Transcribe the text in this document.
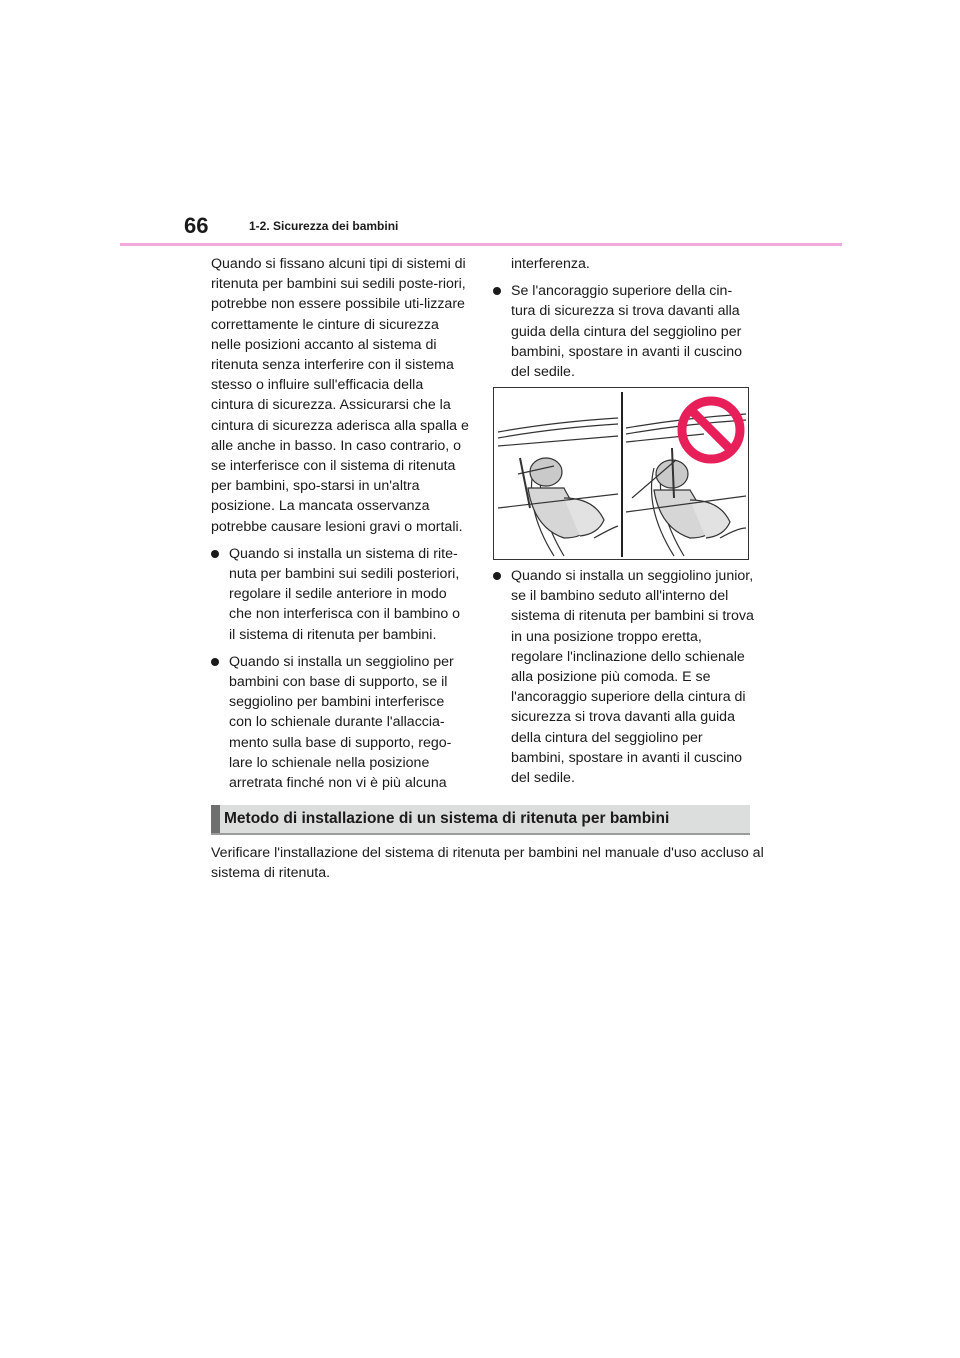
66	1-2. Sicurezza dei bambini

Quando si fissano alcuni tipi di sistemi di ritenuta per bambini sui sedili poste-riori, potrebbe non essere possibile uti-lizzare correttamente le cinture di sicurezza nelle posizioni accanto al sistema di ritenuta senza interferire con il sistema stesso o influire sull'efficacia della cintura di sicurezza. Assicurarsi che la cintura di sicurezza aderisca alla spalla e alle anche in basso. In caso contrario, o se interferisce con il sistema di ritenuta per bambini, spo-starsi in un'altra posizione. La mancata osservanza potrebbe causare lesioni gravi o mortali.

Quando si installa un sistema di rite-nuta per bambini sui sedili posteriori, regolare il sedile anteriore in modo che non interferisca con il bambino o il sistema di ritenuta per bambini.
Quando si installa un seggiolino per bambini con base di supporto, se il seggiolino per bambini interferisce con lo schienale durante l'allaccia-mento sulla base di supporto, rego-lare lo schienale nella posizione arretrata finché non vi è più alcuna

interferenza.

Se l'ancoraggio superiore della cin-tura di sicurezza si trova davanti alla guida della cintura del seggiolino per bambini, spostare in avanti il cuscino del sedile.
Quando si installa un seggiolino junior, se il bambino seduto all'interno del sistema di ritenuta per bambini si trova in una posizione troppo eretta, regolare l'inclinazione dello schienale alla posizione più comoda. E se l'ancoraggio superiore della cintura di sicurezza si trova davanti alla guida della cintura del seggiolino per bambini, spostare in avanti il cuscino del sedile.
Metodo di installazione di un sistema di ritenuta per bambini
Verificare l'installazione del sistema di ritenuta per bambini nel manuale d'uso accluso al sistema di ritenuta.
